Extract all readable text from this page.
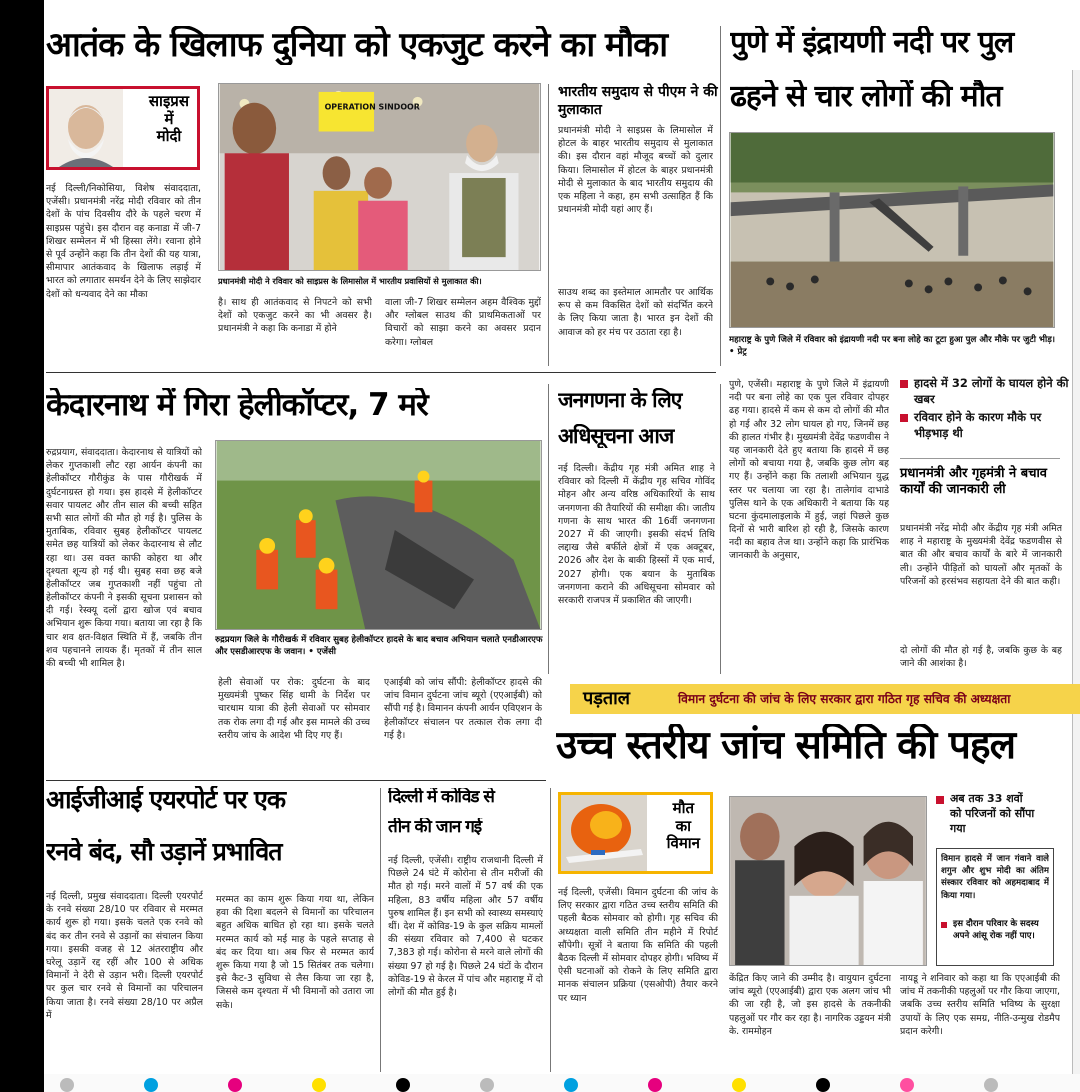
आतंक के खिलाफ दुनिया को एकजुट करने का मौका
साइप्रस
में
मोदी
नई दिल्ली/निकोसिया, विशेष संवाददाता, एजेंसी। प्रधानमंत्री नरेंद्र मोदी रविवार को तीन देशों के पांच दिवसीय दौरे के पहले चरण में साइप्रस पहुंचे। इस दौरान वह कनाडा में जी-7 शिखर सम्मेलन में भी हिस्सा लेंगे। रवाना होने से पूर्व उन्होंने कहा कि तीन देशों की यह यात्रा, सीमापार आतंकवाद के खिलाफ लड़ाई में भारत को लगातार समर्थन देने के लिए साझेदार देशों को धन्यवाद देने का मौका
OPERATION SINDOOR
प्रधानमंत्री मोदी ने रविवार को साइप्रस के लिमासोल में भारतीय प्रवासियों से मुलाकात की।
है। साथ ही आतंकवाद से निपटने को सभी देशों को एकजुट करने का भी अवसर है। प्रधानमंत्री ने कहा कि कनाडा में होने
वाला जी-7 शिखर सम्मेलन अहम वैश्विक मुद्दों और ग्लोबल साउथ की प्राथमिकताओं पर विचारों को साझा करने का अवसर प्रदान करेगा। ग्लोबल
भारतीय समुदाय से पीएम ने की मुलाकात
प्रधानमंत्री मोदी ने साइप्रस के लिमासोल में होटल के बाहर भारतीय समुदाय से मुलाकात की। इस दौरान वहां मौजूद बच्चों को दुलार किया। लिमासोल में होटल के बाहर प्रधानमंत्री मोदी से मुलाकात के बाद भारतीय समुदाय की एक महिला ने कहा, हम सभी उत्साहित हैं कि प्रधानमंत्री मोदी यहां आए हैं।
साउथ शब्द का इस्तेमाल आमतौर पर आर्थिक रूप से कम विकसित देशों को संदर्भित करने के लिए किया जाता है। भारत इन देशों की आवाज को हर मंच पर उठाता रहा है।
पुणे में इंद्रायणी नदी पर पुल
ढहने से चार लोगों की मौत
महाराष्ट्र के पुणे जिले में रविवार को इंद्रायणी नदी पर बना लोहे का टूटा हुआ पुल और मौके पर जुटी भीड़। • प्रेट्र
पुणे, एजेंसी। महाराष्ट्र के पुणे जिले में इंद्रायणी नदी पर बना लोहे का एक पुल रविवार दोपहर ढह गया। हादसे में कम से कम दो लोगों की मौत हो गई और 32 लोग घायल हो गए, जिनमें छह की हालत गंभीर है। मुख्यमंत्री देवेंद्र फडणवीस ने यह जानकारी देते हुए बताया कि हादसे में छह लोगों को बचाया गया है, जबकि कुछ लोग बह गए हैं। उन्होंने कहा कि तलाशी अभियान युद्ध स्तर पर चलाया जा रहा है। तालेगांव दाभाडे पुलिस थाने के एक अधिकारी ने बताया कि यह घटना कुंदमालाइलाके में हुई, जहां पिछले कुछ दिनों से भारी बारिश हो रही है, जिसके कारण नदी का बहाव तेज था। उन्होंने कहा कि प्रारंभिक जानकारी के अनुसार,
हादसे में 32 लोगों के घायल होने की खबर
रविवार होने के कारण मौके पर भीड़भाड़ थी
प्रधानमंत्री और गृहमंत्री ने बचाव कार्यों की जानकारी ली
प्रधानमंत्री नरेंद्र मोदी और केंद्रीय गृह मंत्री अमित शाह ने महाराष्ट्र के मुख्यमंत्री देवेंद्र फडणवीस से बात की और बचाव कार्यों के बारे में जानकारी ली। उन्होंने पीड़ितों को घायलों और मृतकों के परिजनों को हरसंभव सहायता देने की बात कही।
दो लोगों की मौत हो गई है, जबकि कुछ के बह जाने की आशंका है।
केदारनाथ में गिरा हेलीकॉप्टर, 7 मरे
रुद्रप्रयाग, संवाददाता। केदारनाथ से यात्रियों को लेकर गुप्तकाशी लौट रहा आर्यन कंपनी का हेलीकॉप्टर गौरीकुंड के पास गौरीखर्क में दुर्घटनाग्रस्त हो गया। इस हादसे में हेलीकॉप्टर सवार पायलट और तीन साल की बच्ची सहित सभी सात लोगों की मौत हो गई है। पुलिस के मुताबिक, रविवार सुबह हेलीकॉप्टर पायलट समेत छह यात्रियों को लेकर केदारनाथ से लौट रहा था। उस वक्त काफी कोहरा था और दृश्यता शून्य हो गई थी। सुबह सवा छह बजे हेलीकॉप्टर जब गुप्तकाशी नहीं पहुंचा तो हेलीकॉप्टर कंपनी ने इसकी सूचना प्रशासन को दी गई। रेस्क्यू दलों द्वारा खोज एवं बचाव अभियान शुरू किया गया। बताया जा रहा है कि चार शव क्षत-विक्षत स्थिति में हैं, जबकि तीन शव पहचानने लायक हैं। मृतकों में तीन साल की बच्ची भी शामिल है।
रुद्रप्रयाग जिले के गौरीखर्क में रविवार सुबह हेलीकॉप्टर हादसे के बाद बचाव अभियान चलाते एनडीआरएफ और एसडीआरएफ के जवान। • एजेंसी
हेली सेवाओं पर रोक: दुर्घटना के बाद मुख्यमंत्री पुष्कर सिंह धामी के निर्देश पर चारधाम यात्रा की हेली सेवाओं पर सोमवार तक रोक लगा दी गई और इस मामले की उच्च स्तरीय जांच के आदेश भी दिए गए हैं।
एआईबी को जांच सौंपी: हेलीकॉप्टर हादसे की जांच विमान दुर्घटना जांच ब्यूरो (एएआईबी) को सौंपी गई है। विमानन कंपनी आर्यन एविएशन के हेलीकॉप्टर संचालन पर तत्काल रोक लगा दी गई है।
जनगणना के लिए
अधिसूचना आज
नई दिल्ली। केंद्रीय गृह मंत्री अमित शाह ने रविवार को दिल्ली में केंद्रीय गृह सचिव गोविंद मोहन और अन्य वरिष्ठ अधिकारियों के साथ जनगणना की तैयारियों की समीक्षा की। जातीय गणना के साथ भारत की 16वीं जनगणना 2027 में की जाएगी। इसकी संदर्भ तिथि लद्दाख जैसे बर्फीले क्षेत्रों में एक अक्टूबर, 2026 और देश के बाकी हिस्सों में एक मार्च, 2027 होगी। एक बयान के मुताबिक जनगणना कराने की अधिसूचना सोमवार को सरकारी राजपत्र में प्रकाशित की जाएगी।
पड़ताल	विमान दुर्घटना की जांच के लिए सरकार द्वारा गठित गृह सचिव की अध्यक्षता
उच्च स्तरीय जांच समिति की पहल
आईजीआई एयरपोर्ट पर एक
रनवे बंद, सौ उड़ानें प्रभावित
नई दिल्ली, प्रमुख संवाददाता। दिल्ली एयरपोर्ट के रनवे संख्या 28/10 पर रविवार से मरम्मत कार्य शुरू हो गया। इसके चलते एक रनवे को बंद कर तीन रनवे से उड़ानों का संचालन किया गया। इसकी वजह से 12 अंतरराष्ट्रीय और घरेलू उड़ानें रद्द रहीं और 100 से अधिक विमानों ने देरी से उड़ान भरी। दिल्ली एयरपोर्ट पर कुल चार रनवे से विमानों का परिचालन किया जाता है। रनवे संख्या 28/10 पर अप्रैल में
मरम्मत का काम शुरू किया गया था, लेकिन हवा की दिशा बदलने से विमानों का परिचालन बहुत अधिक बाधित हो रहा था। इसके चलते मरम्मत कार्य को मई माह के पहले सप्ताह से बंद कर दिया था। अब फिर से मरम्मत कार्य शुरू किया गया है जो 15 सितंबर तक चलेगा। इसे कैट-3 सुविधा से लैस किया जा रहा है, जिससे कम दृश्यता में भी विमानों को उतारा जा सके।
दिल्ली में कोविड से
तीन की जान गई
नई दिल्ली, एजेंसी। राष्ट्रीय राजधानी दिल्ली में पिछले 24 घंटे में कोरोना से तीन मरीजों की मौत हो गई। मरने वालों में 57 वर्ष की एक महिला, 83 वर्षीय महिला और 57 वर्षीय पुरुष शामिल हैं। इन सभी को स्वास्थ्य समस्याएं थीं। देश में कोविड-19 के कुल सक्रिय मामलों की संख्या रविवार को 7,400 से घटकर 7,383 हो गई। कोरोना से मरने वाले लोगों की संख्या 97 हो गई है। पिछले 24 घंटों के दौरान कोविड-19 से केरल में पांच और महाराष्ट्र में दो लोगों की मौत हुई है।
मौत
का
विमान
नई दिल्ली, एजेंसी। विमान दुर्घटना की जांच के लिए सरकार द्वारा गठित उच्च स्तरीय समिति की पहली बैठक सोमवार को होगी। गृह सचिव की अध्यक्षता वाली समिति तीन महीने में रिपोर्ट सौंपेगी। सूत्रों ने बताया कि समिति की पहली बैठक दिल्ली में सोमवार दोपहर होगी। भविष्य में ऐसी घटनाओं को रोकने के लिए समिति द्वारा मानक संचालन प्रक्रिया (एसओपी) तैयार करने पर ध्यान
अब तक 33 शवों को परिजनों को सौंपा गया
विमान हादसे में जान गंवाने वाले शगुन और शुभ मोदी का अंतिम संस्कार रविवार को अहमदाबाद में किया गया।
इस दौरान परिवार के सदस्य अपने आंसू रोक नहीं पाए।
केंद्रित किए जाने की उम्मीद है। वायुयान दुर्घटना जांच ब्यूरो (एएआईबी) द्वारा एक अलग जांच भी की जा रही है, जो इस हादसे के तकनीकी पहलुओं पर गौर कर रहा है। नागरिक उड्डयन मंत्री के. राममोहन
नायडू ने शनिवार को कहा था कि एएआईबी की जांच में तकनीकी पहलुओं पर गौर किया जाएगा, जबकि उच्च स्तरीय समिति भविष्य के सुरक्षा उपायों के लिए एक समग्र, नीति-उन्मुख रोडमैप प्रदान करेगी।
